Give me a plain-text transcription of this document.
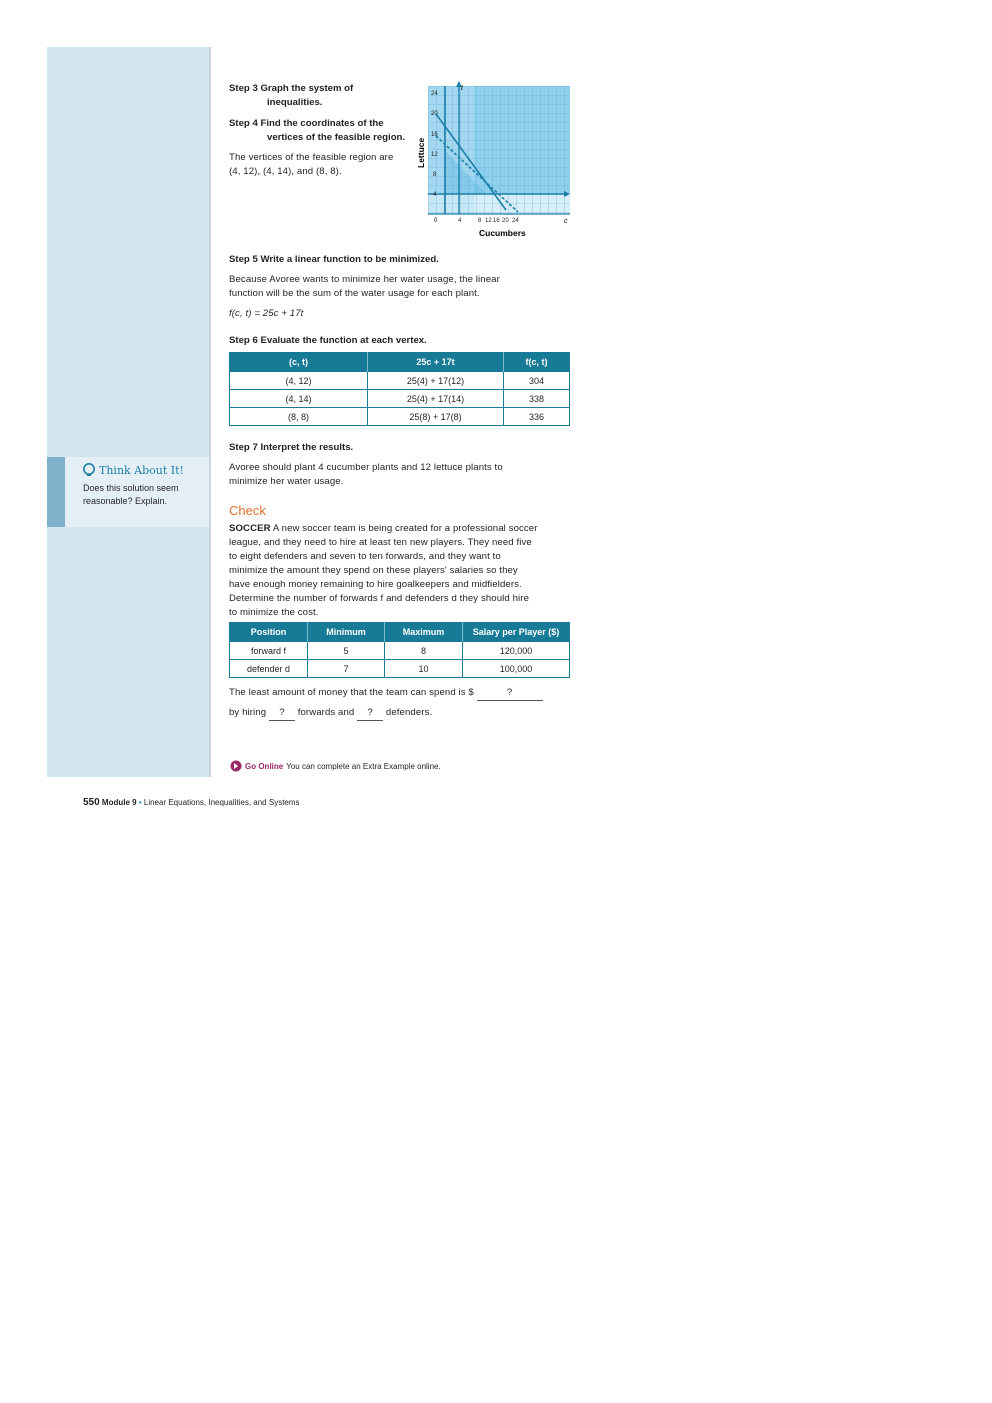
Think About It!
Does this solution seem reasonable? Explain.
Step 3 Graph the system of
inequalities.
Step 4 Find the coordinates of the
vertices of the feasible region.
The vertices of the feasible region are
(4, 12), (4, 14), and (8, 8).
t
c
0
4
8
12
16
20
24
4	8 12 16 20 24
Cucumbers
Lettuce
Step 5 Write a linear function to be minimized.
Because Avoree wants to minimize her water usage, the linear
function will be the sum of the water usage for each plant.
f(c, t) = 25c + 17t
Step 6 Evaluate the function at each vertex.
(c, t)	25c + 17t	f(c, t)
(4, 12)	25(4) + 17(12)	304
(4, 14)	25(4) + 17(14)	338
(8, 8)	25(8) + 17(8)	336
Step 7 Interpret the results.
Avoree should plant 4 cucumber plants and 12 lettuce plants to
minimize her water usage.
Check
SOCCER A new soccer team is being created for a professional soccer
league, and they need to hire at least ten new players. They need five
to eight defenders and seven to ten forwards, and they want to
minimize the amount they spend on these players' salaries so they
have enough money remaining to hire goalkeepers and midfielders.
Determine the number of forwards f and defenders d they should hire
to minimize the cost.
Position	Minimum	Maximum	Salary per Player ($)
forward f	5	8	120,000
defender d	7	10	100,000
The least amount of money that the team can spend is $	?
by hiring ? forwards and ? defenders.
Go Online You can complete an Extra Example online.
550 Module 9 • Linear Equations, Inequalities, and Systems
